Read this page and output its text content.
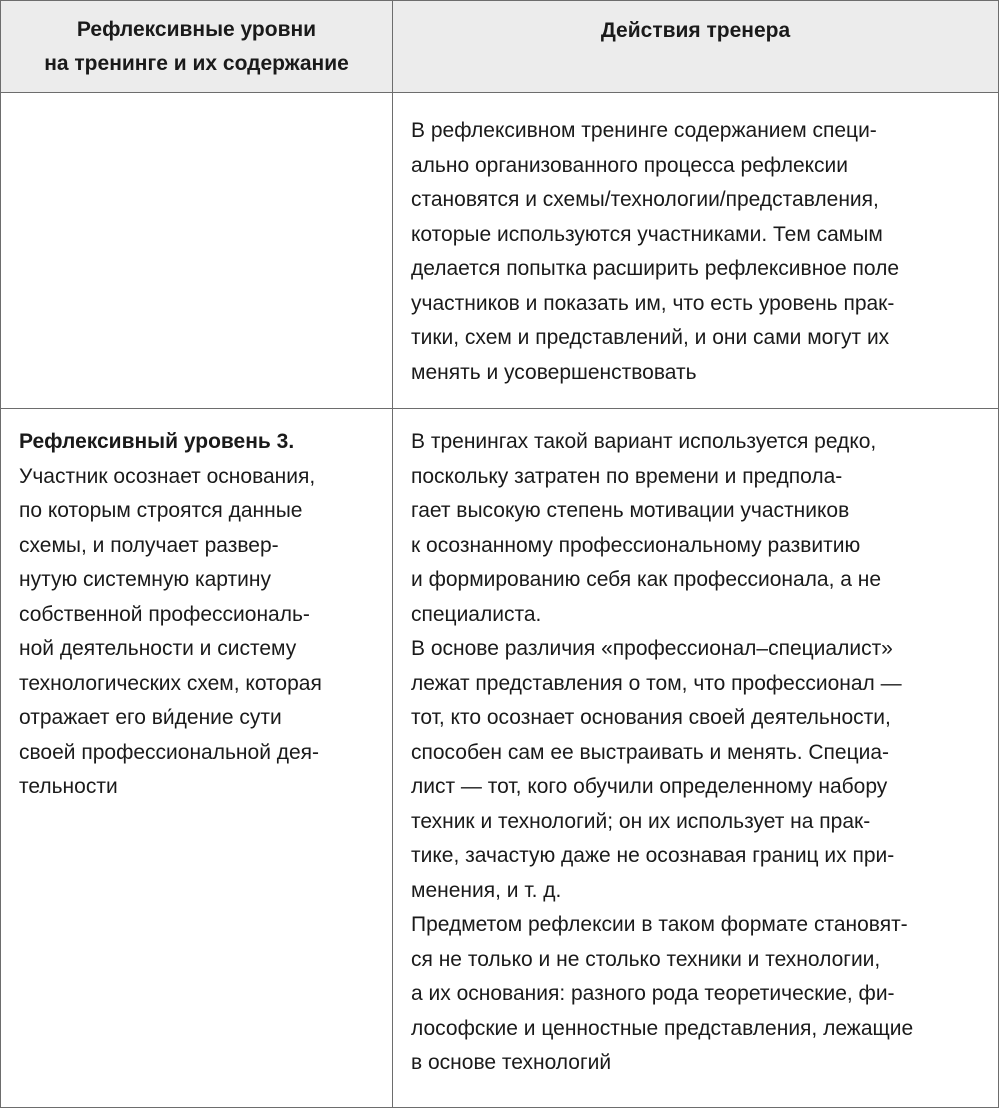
Рефлексивные уровни
на тренинге и их содержание
Действия тренера
В рефлексивном тренинге содержанием специ-
ально организованного процесса рефлексии
становятся и схемы/технологии/представления,
которые используются участниками. Тем самым
делается попытка расширить рефлексивное поле
участников и показать им, что есть уровень прак-
тики, схем и представлений, и они сами могут их
менять и усовершенствовать
Рефлексивный уровень 3.
Участник осознает основания,
по которым строятся данные
схемы, и получает развер-
нутую системную картину
собственной профессиональ-
ной деятельности и систему
технологических схем, которая
отражает его ви́дение сути
своей профессиональной дея-
тельности
В тренингах такой вариант используется редко,
поскольку затратен по времени и предпола-
гает высокую степень мотивации участников
к осознанному профессиональному развитию
и формированию себя как профессионала, а не
специалиста.
В основе различия «профессионал–специалист»
лежат представления о том, что профессионал —
тот, кто осознает основания своей деятельности,
способен сам ее выстраивать и менять. Специа-
лист — тот, кого обучили определенному набору
техник и технологий; он их использует на прак-
тике, зачастую даже не осознавая границ их при-
менения, и т. д.
Предметом рефлексии в таком формате становят-
ся не только и не столько техники и технологии,
а их основания: разного рода теоретические, фи-
лософские и ценностные представления, лежащие
в основе технологий
